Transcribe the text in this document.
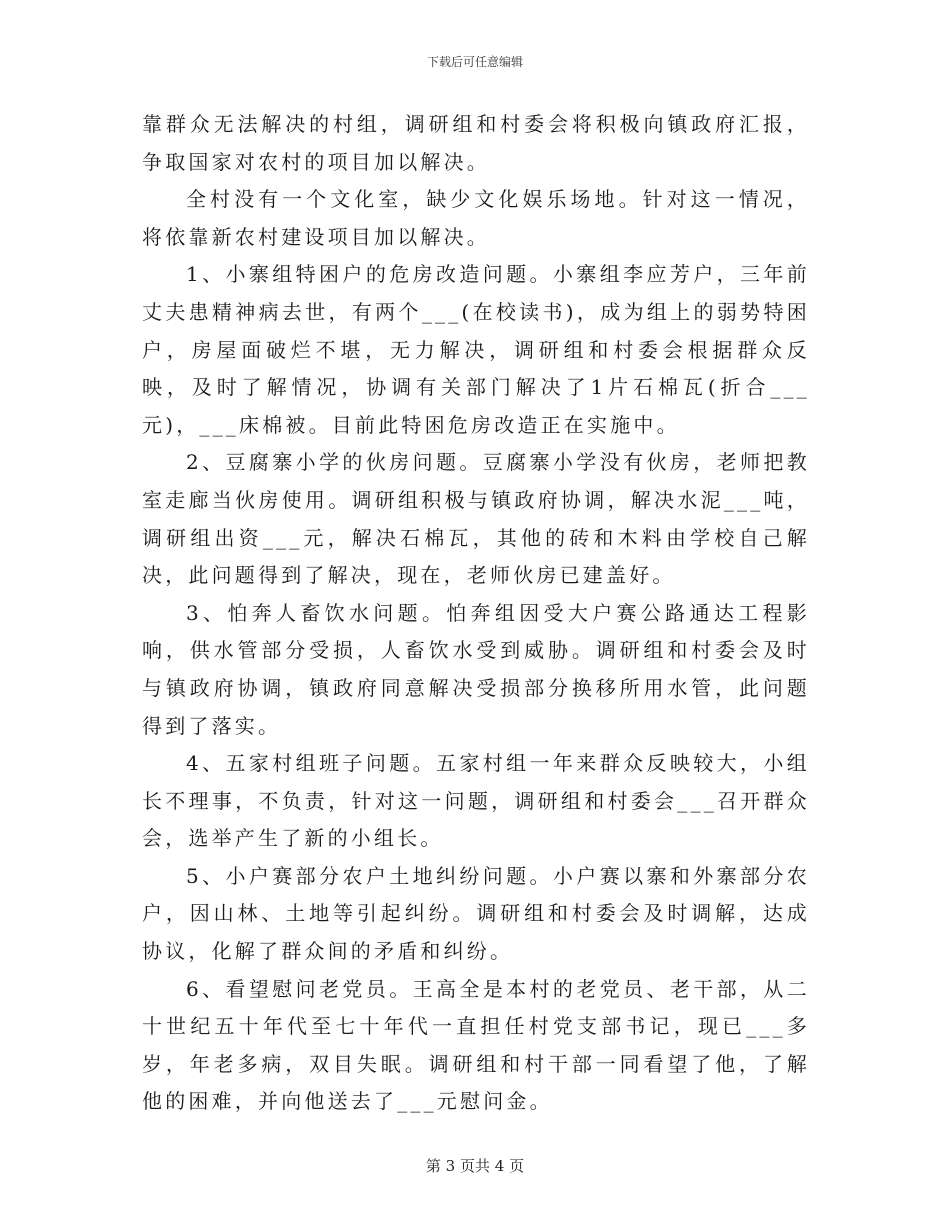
下载后可任意编辑

靠群众无法解决的村组，调研组和村委会将积极向镇政府汇报，争取国家对农村的项目加以解决。

全村没有一个文化室，缺少文化娱乐场地。针对这一情况，将依靠新农村建设项目加以解决。

1、小寨组特困户的危房改造问题。小寨组李应芳户，三年前丈夫患精神病去世，有两个___(在校读书)，成为组上的弱势特困户，房屋面破烂不堪，无力解决，调研组和村委会根据群众反映，及时了解情况，协调有关部门解决了1片石棉瓦(折合___元)，___床棉被。目前此特困危房改造正在实施中。

2、豆腐寨小学的伙房问题。豆腐寨小学没有伙房，老师把教室走廊当伙房使用。调研组积极与镇政府协调，解决水泥___吨，调研组出资___元，解决石棉瓦，其他的砖和木料由学校自己解决，此问题得到了解决，现在，老师伙房已建盖好。

3、怕奔人畜饮水问题。怕奔组因受大户赛公路通达工程影响，供水管部分受损，人畜饮水受到威胁。调研组和村委会及时与镇政府协调，镇政府同意解决受损部分换移所用水管，此问题得到了落实。

4、五家村组班子问题。五家村组一年来群众反映较大，小组长不理事，不负责，针对这一问题，调研组和村委会___召开群众会，选举产生了新的小组长。

5、小户赛部分农户土地纠纷问题。小户赛以寨和外寨部分农户，因山林、土地等引起纠纷。调研组和村委会及时调解，达成协议，化解了群众间的矛盾和纠纷。

6、看望慰问老党员。王高全是本村的老党员、老干部，从二十世纪五十年代至七十年代一直担任村党支部书记，现已___多岁，年老多病，双目失眠。调研组和村干部一同看望了他，了解他的困难，并向他送去了___元慰问金。

第 3 页共 4 页
